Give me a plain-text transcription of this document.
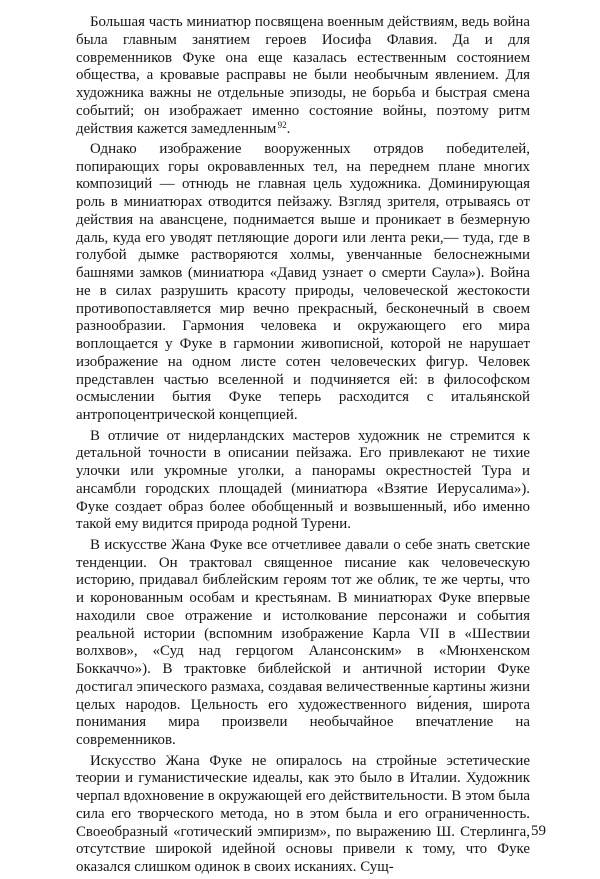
Большая часть миниатюр посвящена военным действиям, ведь война была главным занятием героев Иосифа Флавия. Да и для современников Фуке она еще казалась естественным состоянием общества, а кровавые расправы не были необычным явлением. Для художника важны не отдельные эпизоды, не борьба и быстрая смена событий; он изображает именно состояние войны, поэтому ритм действия кажется замедленным $^{92}$.

Однако изображение вооруженных отрядов победителей, попирающих горы окровавленных тел, на переднем плане многих композиций — отнюдь не главная цель художника. Доминирующая роль в миниатюрах отводится пейзажу. Взгляд зрителя, отрываясь от действия на авансцене, поднимается выше и проникает в безмерную даль, куда его уводят петляющие дороги или лента реки,— туда, где в голубой дымке растворяются холмы, увенчанные белоснежными башнями замков (миниатюра «Давид узнает о смерти Саула»). Война не в силах разрушить красоту природы, человеческой жестокости противопоставляется мир вечно прекрасный, бесконечный в своем разнообразии. Гармония человека и окружающего его мира воплощается у Фуке в гармонии живописной, которой не нарушает изображение на одном листе сотен человеческих фигур. Человек представлен частью вселенной и подчиняется ей: в философском осмыслении бытия Фуке теперь расходится с итальянской антропоцентрической концепцией.

В отличие от нидерландских мастеров художник не стремится к детальной точности в описании пейзажа. Его привлекают не тихие улочки или укромные уголки, а панорамы окрестностей Тура и ансамбли городских площадей (миниатюра «Взятие Иерусалима»). Фуке создает образ более обобщенный и возвышенный, ибо именно такой ему видится природа родной Турени.

В искусстве Жана Фуке все отчетливее давали о себе знать светские тенденции. Он трактовал священное писание как человеческую историю, придавал библейским героям тот же облик, те же черты, что и коронованным особам и крестьянам. В миниатюрах Фуке впервые находили свое отражение и истолкование персонажи и события реальной истории (вспомним изображение Карла VII в «Шествии волхвов», «Суд над герцогом Алансонским» в «Мюнхенском Боккаччо»). В трактовке библейской и античной истории Фуке достигал эпического размаха, создавая величественные картины жизни целых народов. Цельность его художественного ви́дения, широта понимания мира произвели необычайное впечатление на современников.

Искусство Жана Фуке не опиралось на стройные эстетические теории и гуманистические идеалы, как это было в Италии. Художник черпал вдохновение в окружающей его действительности. В этом была сила его творческого метода, но в этом была и его ограниченность. Своеобразный «готический эмпиризм», по выражению Ш. Стерлинга, отсутствие широкой идейной основы привели к тому, что Фуке оказался слишком одинок в своих исканиях. Сущ-

59
